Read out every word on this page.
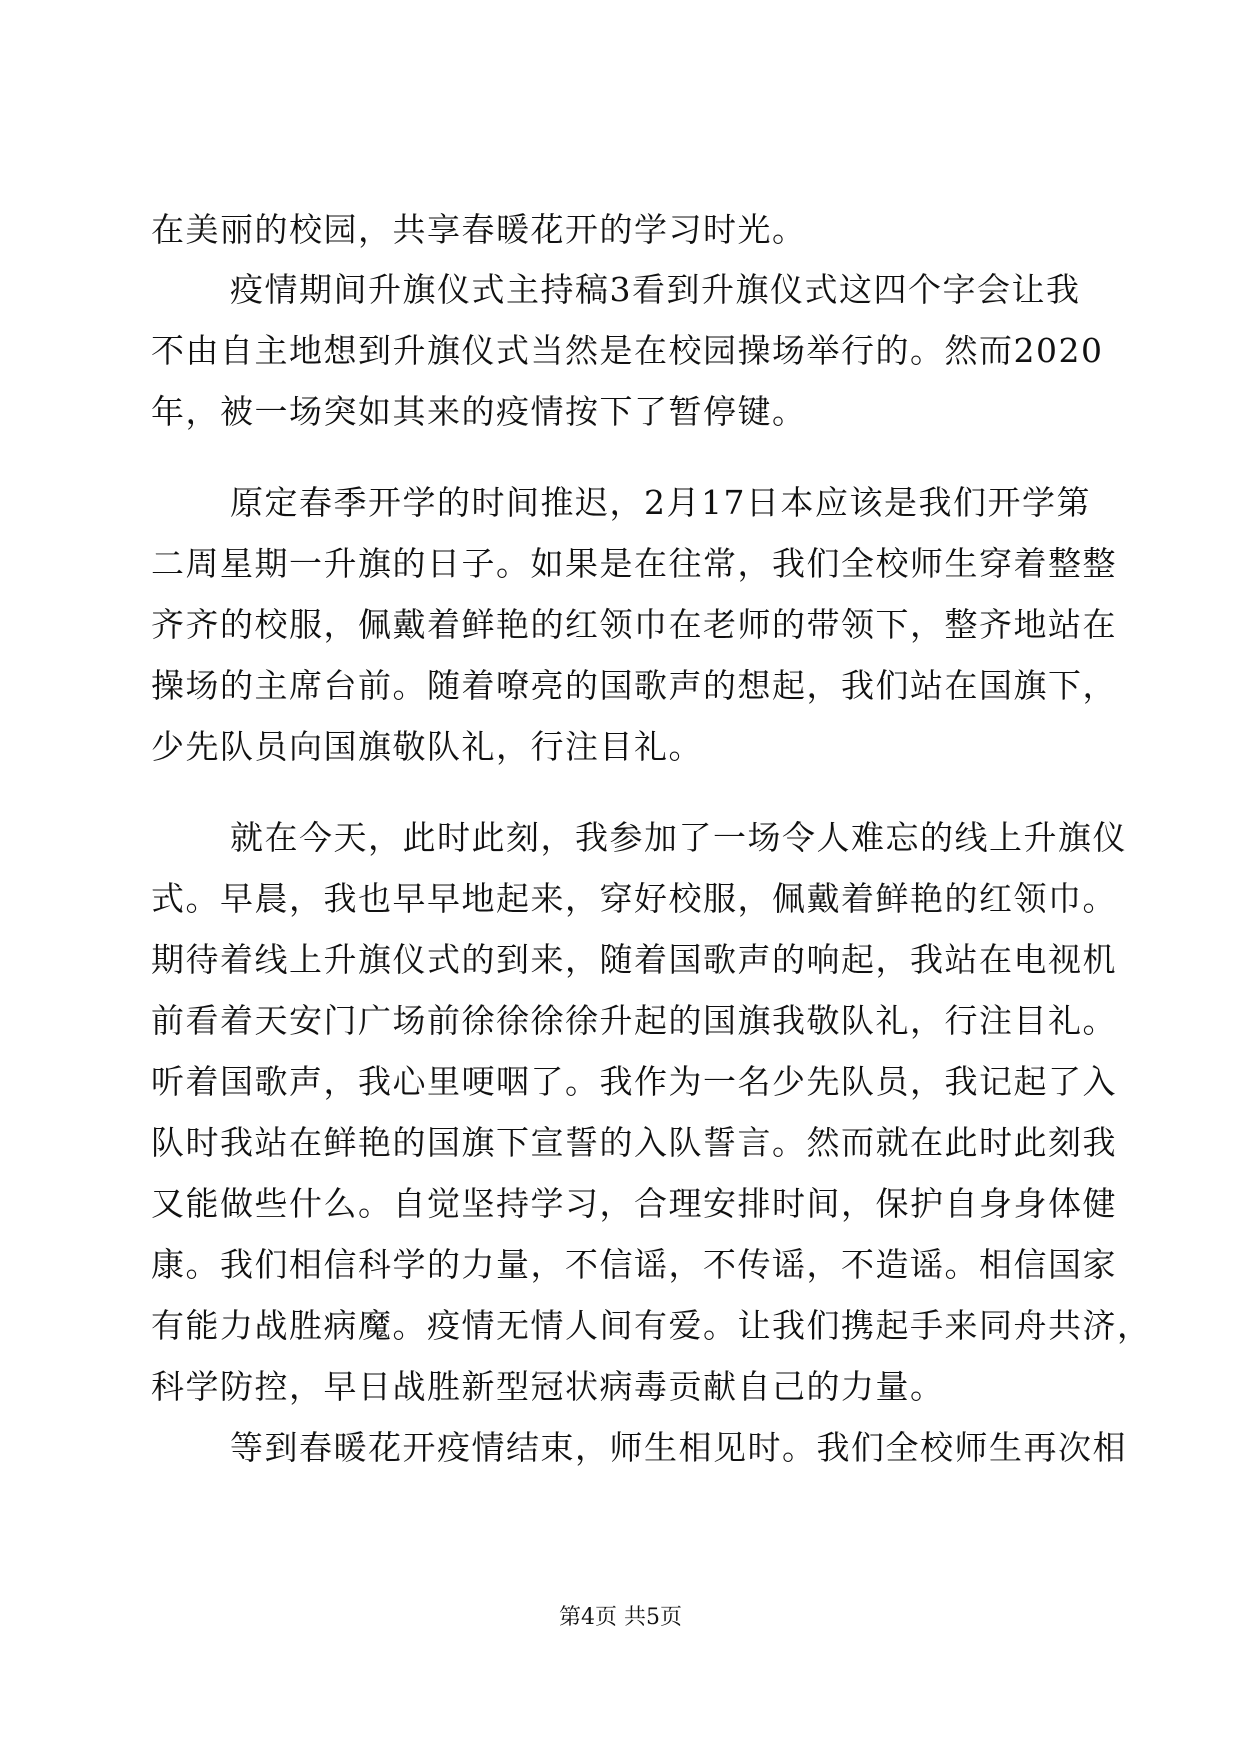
在美丽的校园，共享春暖花开的学习时光。
疫情期间升旗仪式主持稿3看到升旗仪式这四个字会让我
不由自主地想到升旗仪式当然是在校园操场举行的。然而2020
年，被一场突如其来的疫情按下了暂停键。
原定春季开学的时间推迟，2月17日本应该是我们开学第
二周星期一升旗的日子。如果是在往常，我们全校师生穿着整整
齐齐的校服，佩戴着鲜艳的红领巾在老师的带领下，整齐地站在
操场的主席台前。随着嘹亮的国歌声的想起，我们站在国旗下，
少先队员向国旗敬队礼，行注目礼。
就在今天，此时此刻，我参加了一场令人难忘的线上升旗仪
式。早晨，我也早早地起来，穿好校服，佩戴着鲜艳的红领巾。
期待着线上升旗仪式的到来，随着国歌声的响起，我站在电视机
前看着天安门广场前徐徐徐徐升起的国旗我敬队礼，行注目礼。
听着国歌声，我心里哽咽了。我作为一名少先队员，我记起了入
队时我站在鲜艳的国旗下宣誓的入队誓言。然而就在此时此刻我
又能做些什么。自觉坚持学习，合理安排时间，保护自身身体健
康。我们相信科学的力量，不信谣，不传谣，不造谣。相信国家
有能力战胜病魔。疫情无情人间有爱。让我们携起手来同舟共济，
科学防控，早日战胜新型冠状病毒贡献自己的力量。
等到春暖花开疫情结束，师生相见时。我们全校师生再次相
第4页 共5页
